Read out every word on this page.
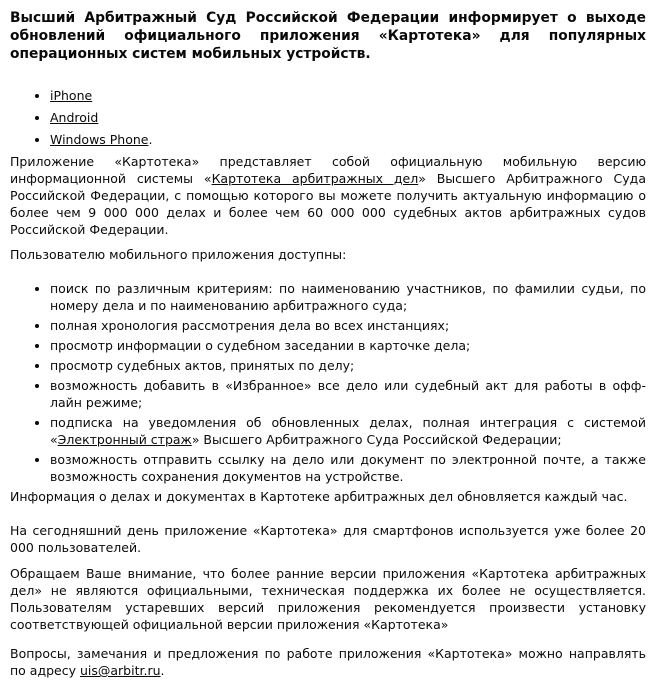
Высший Арбитражный Суд Российской Федерации информирует о выходе обновлений официального приложения «Картотека» для популярных операционных систем мобильных устройств.

• iPhone
• Android
• Windows Phone.

Приложение «Картотека» представляет собой официальную мобильную версию информационной системы «Картотека арбитражных дел» Высшего Арбитражного Суда Российской Федерации, с помощью которого вы можете получить актуальную информацию о более чем 9 000 000 делах и более чем 60 000 000 судебных актов арбитражных судов Российской Федерации.

Пользователю мобильного приложения доступны:

• поиск по различным критериям: по наименованию участников, по фамилии судьи, по номеру дела и по наименованию арбитражного суда;
• полная хронология рассмотрения дела во всех инстанциях;
• просмотр информации о судебном заседании в карточке дела;
• просмотр судебных актов, принятых по делу;
• возможность добавить в «Избранное» все дело или судебный акт для работы в офф-лайн режиме;
• подписка на уведомления об обновленных делах, полная интеграция с системой «Электронный страж» Высшего Арбитражного Суда Российской Федерации;
• возможность отправить ссылку на дело или документ по электронной почте, а также возможность сохранения документов на устройстве.

Информация о делах и документах в Картотеке арбитражных дел обновляется каждый час.

На сегодняшний день приложение «Картотека» для смартфонов используется уже более 20 000 пользователей.

Обращаем Ваше внимание, что более ранние версии приложения «Картотека арбитражных дел» не являются официальными, техническая поддержка их более не осуществляется. Пользователям устаревших версий приложения рекомендуется произвести установку соответствующей официальной версии приложения «Картотека»

Вопросы, замечания и предложения по работе приложения «Картотека» можно направлять по адресу uis@arbitr.ru.
